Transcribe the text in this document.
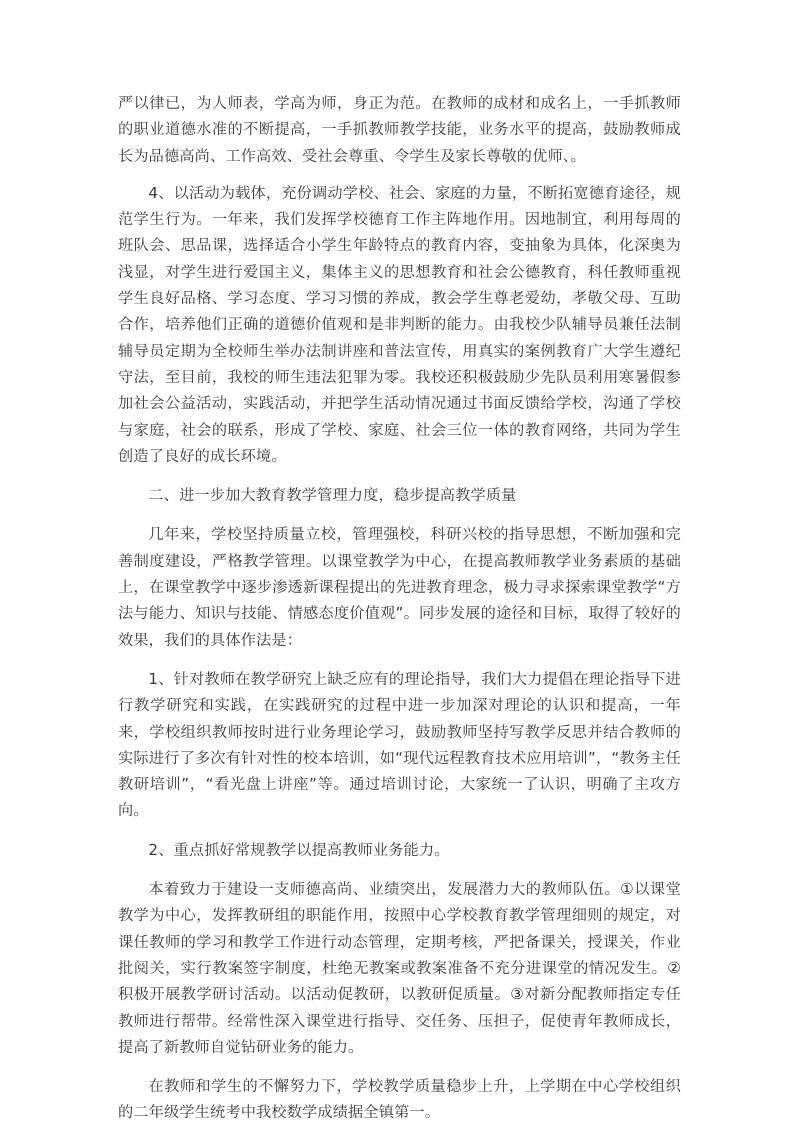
严以律已，为人师表，学高为师，身正为范。在教师的成材和成名上，一手抓教师的职业道德水准的不断提高，一手抓教师教学技能，业务水平的提高，鼓励教师成长为品德高尚、工作高效、受社会尊重、令学生及家长尊敬的优师、。

4、以活动为载体，充份调动学校、社会、家庭的力量，不断拓宽德育途径，规范学生行为。一年来，我们发挥学校德育工作主阵地作用。因地制宜，利用每周的班队会、思品课，选择适合小学生年龄特点的教育内容，变抽象为具体，化深奥为浅显，对学生进行爱国主义，集体主义的思想教育和社会公德教育，科任教师重视学生良好品格、学习态度、学习习惯的养成，教会学生尊老爱幼，孝敬父母、互助合作，培养他们正确的道德价值观和是非判断的能力。由我校少队辅导员兼任法制辅导员定期为全校师生举办法制讲座和普法宣传，用真实的案例教育广大学生遵纪守法，至目前，我校的师生违法犯罪为零。我校还积极鼓励少先队员利用寒暑假参加社会公益活动，实践活动，并把学生活动情况通过书面反馈给学校，沟通了学校与家庭，社会的联系，形成了学校、家庭、社会三位一体的教育网络，共同为学生创造了良好的成长环境。

二、进一步加大教育教学管理力度，稳步提高教学质量

几年来，学校坚持质量立校，管理强校，科研兴校的指导思想，不断加强和完善制度建设，严格教学管理。以课堂教学为中心，在提高教师教学业务素质的基础上，在课堂教学中逐步渗透新课程提出的先进教育理念，极力寻求探索课堂教学“方法与能力、知识与技能、情感态度价值观”。同步发展的途径和目标，取得了较好的效果，我们的具体作法是：

1、针对教师在教学研究上缺乏应有的理论指导，我们大力提倡在理论指导下进行教学研究和实践，在实践研究的过程中进一步加深对理论的认识和提高，一年来，学校组织教师按时进行业务理论学习，鼓励教师坚持写教学反思并结合教师的实际进行了多次有针对性的校本培训，如“现代远程教育技术应用培训”，“教务主任教研培训”，“看光盘上讲座”等。通过培训讨论，大家统一了认识，明确了主攻方向。

2、重点抓好常规教学以提高教师业务能力。

本着致力于建设一支师德高尚、业绩突出，发展潜力大的教师队伍。①以课堂教学为中心，发挥教研组的职能作用，按照中心学校教育教学管理细则的规定，对课任教师的学习和教学工作进行动态管理，定期考核，严把备课关，授课关，作业批阅关，实行教案签字制度，杜绝无教案或教案准备不充分进课堂的情况发生。②积极开展教学研讨活动。以活动促教研，以教研促质量。③对新分配教师指定专任教师进行帮带。经常性深入课堂进行指导、交任务、压担子，促使青年教师成长，提高了新教师自觉钻研业务的能力。

在教师和学生的不懈努力下，学校教学质量稳步上升，上学期在中心学校组织的二年级学生统考中我校数学成绩据全镇第一。
